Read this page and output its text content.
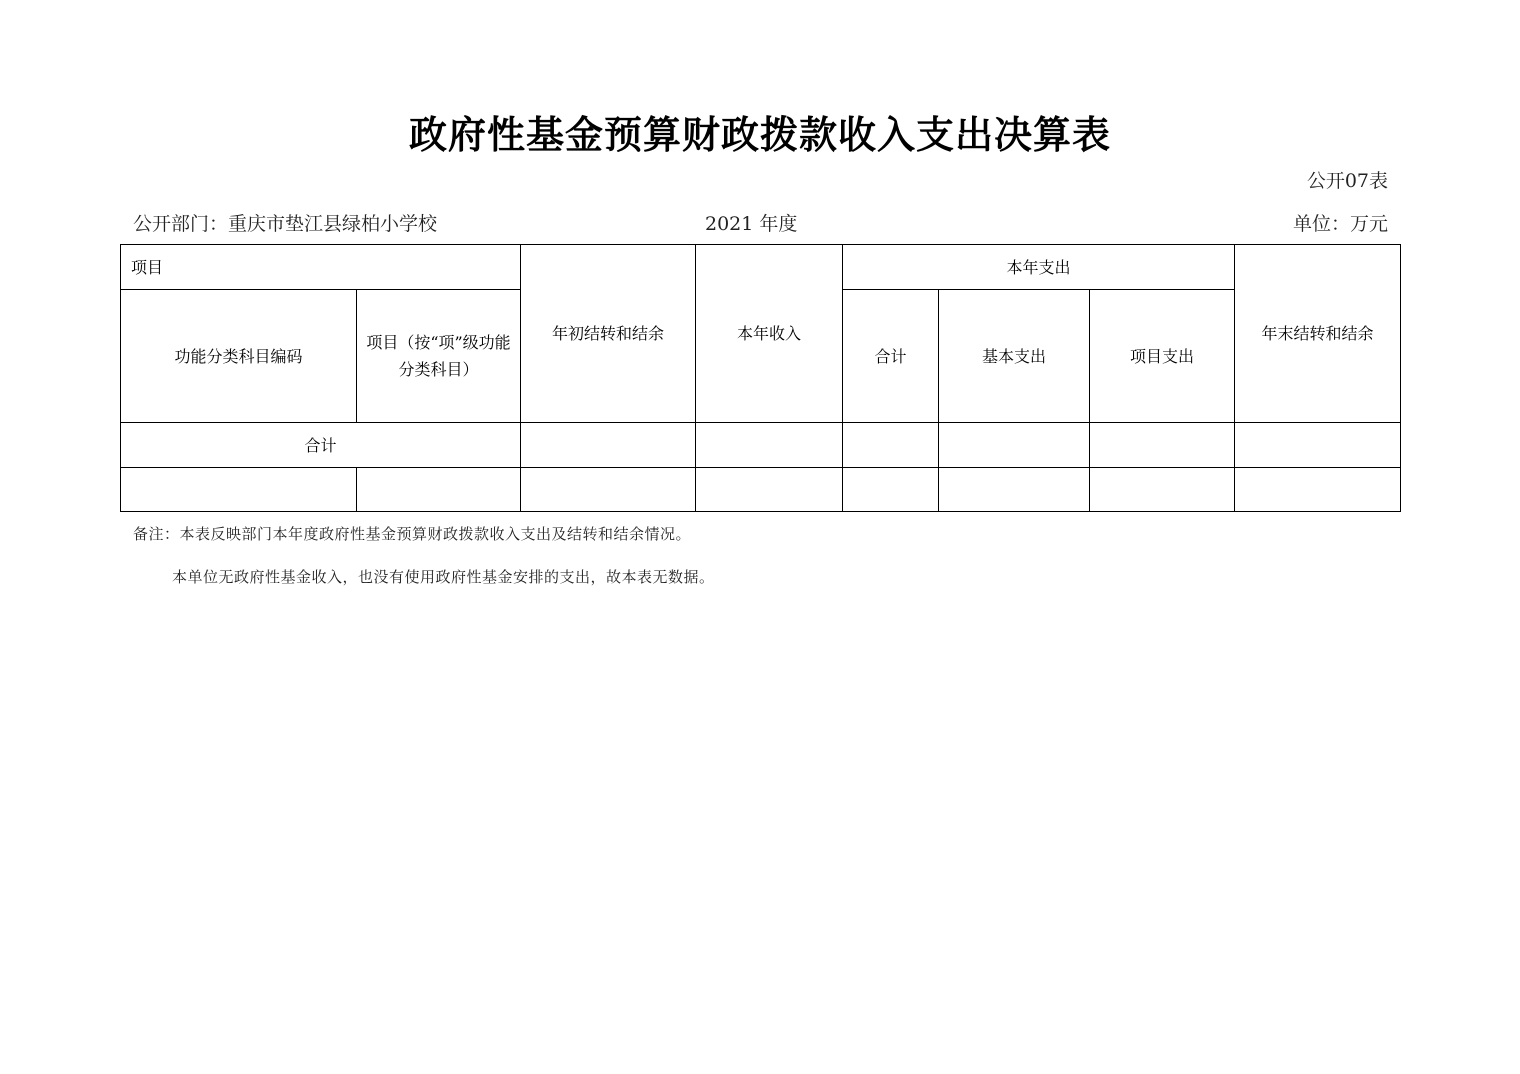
政府性基金预算财政拨款收入支出决算表
公开07表
公开部门：重庆市垫江县绿柏小学校	2021 年度	单位：万元
项目		年初结转和结余	本年收入	本年支出			年末结转和结余
功能分类科目编码	项目（按“项”级功能分类科目）			合计	基本支出	项目支出	
合计							

备注：本表反映部门本年度政府性基金预算财政拨款收入支出及结转和结余情况。
本单位无政府性基金收入，也没有使用政府性基金安排的支出，故本表无数据。
